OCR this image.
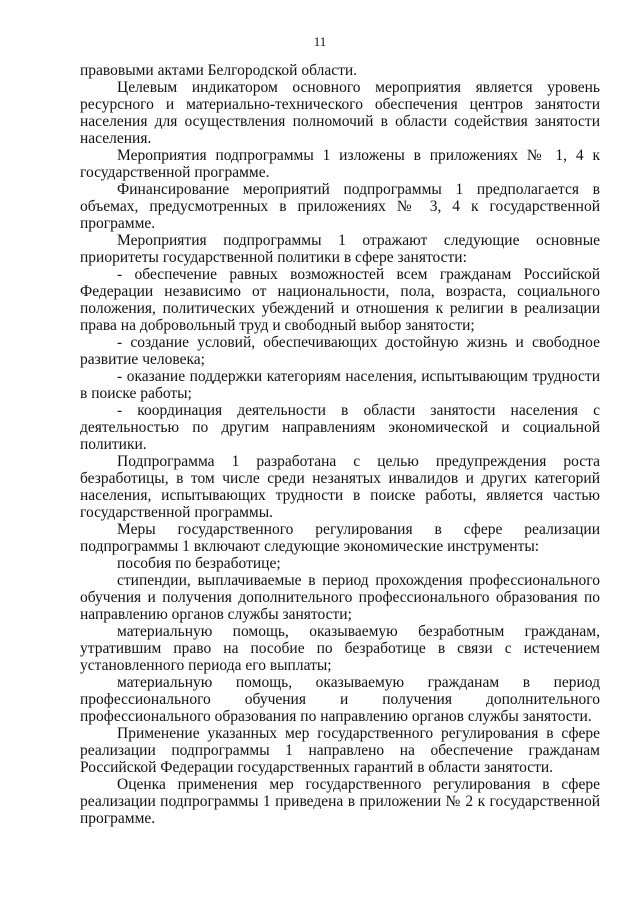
11

правовыми актами Белгородской области.

Целевым индикатором основного мероприятия является уровень ресурсного и материально-технического обеспечения центров занятости населения для осуществления полномочий в области содействия занятости населения.

Мероприятия подпрограммы 1 изложены в приложениях № 1, 4 к государственной программе.

Финансирование мероприятий подпрограммы 1 предполагается в объемах, предусмотренных в приложениях № 3, 4 к государственной программе.

Мероприятия подпрограммы 1 отражают следующие основные приоритеты государственной политики в сфере занятости:

- обеспечение равных возможностей всем гражданам Российской Федерации независимо от национальности, пола, возраста, социального положения, политических убеждений и отношения к религии в реализации права на добровольный труд и свободный выбор занятости;

- создание условий, обеспечивающих достойную жизнь и свободное развитие человека;

- оказание поддержки категориям населения, испытывающим трудности в поиске работы;

- координация деятельности в области занятости населения с деятельностью по другим направлениям экономической и социальной политики.

Подпрограмма 1 разработана с целью предупреждения роста безработицы, в том числе среди незанятых инвалидов и других категорий населения, испытывающих трудности в поиске работы, является частью государственной программы.

Меры государственного регулирования в сфере реализации подпрограммы 1 включают следующие экономические инструменты:

пособия по безработице;

стипендии, выплачиваемые в период прохождения профессионального обучения и получения дополнительного профессионального образования по направлению органов службы занятости;

материальную помощь, оказываемую безработным гражданам, утратившим право на пособие по безработице в связи с истечением установленного периода его выплаты;

материальную помощь, оказываемую гражданам в период профессионального обучения и получения дополнительного профессионального образования по направлению органов службы занятости.

Применение указанных мер государственного регулирования в сфере реализации подпрограммы 1 направлено на обеспечение гражданам Российской Федерации государственных гарантий в области занятости.

Оценка применения мер государственного регулирования в сфере реализации подпрограммы 1 приведена в приложении № 2 к государственной программе.
